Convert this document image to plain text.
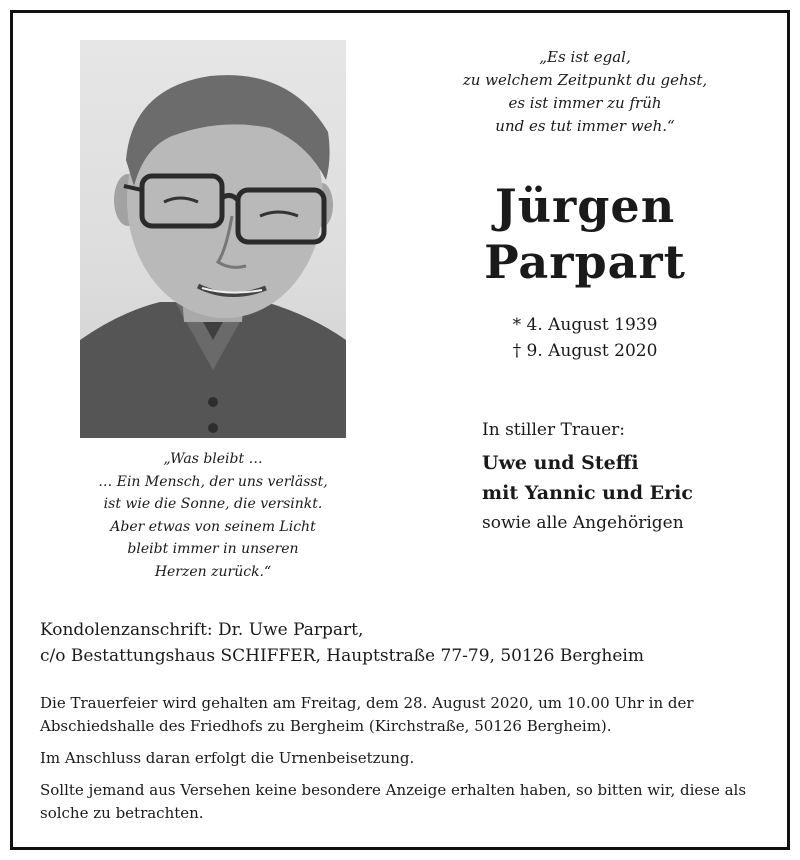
„Es ist egal,
zu welchem Zeitpunkt du gehst,
es ist immer zu früh
und es tut immer weh.“
Jürgen
Parpart
* 4. August 1939
† 9. August 2020
„Was bleibt …
… Ein Mensch, der uns verlässt,
ist wie die Sonne, die versinkt.
Aber etwas von seinem Licht
bleibt immer in unseren
Herzen zurück.“
In stiller Trauer:
Uwe und Steffi
mit Yannic und Eric
sowie alle Angehörigen
Kondolenzanschrift: Dr. Uwe Parpart,
c/o Bestattungshaus SCHIFFER, Hauptstraße 77-79, 50126 Bergheim

Die Trauerfeier wird gehalten am Freitag, dem 28. August 2020, um 10.00 Uhr in der Abschiedshalle des Friedhofs zu Bergheim (Kirchstraße, 50126 Bergheim).

Im Anschluss daran erfolgt die Urnenbeisetzung.

Sollte jemand aus Versehen keine besondere Anzeige erhalten haben, so bitten wir, diese als solche zu betrachten.
